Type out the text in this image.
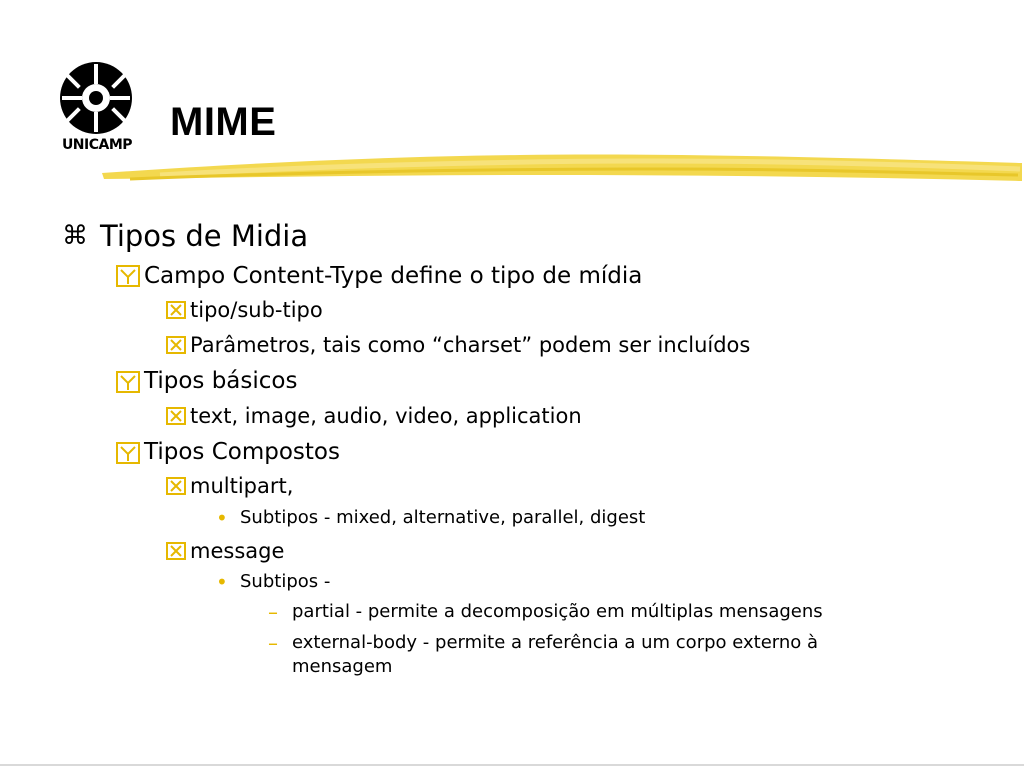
UNICAMP
MIME
⌘ Tipos de Midia
Campo Content-Type define o tipo de mídia
tipo/sub-tipo
Parâmetros, tais como “charset” podem ser incluídos
Tipos básicos
text, image, audio, video, application
Tipos Compostos
multipart,
• Subtipos - mixed, alternative, parallel, digest
message
• Subtipos -
– partial - permite a decomposição em múltiplas mensagens
– external-body - permite a referência a um corpo externo à
mensagem
